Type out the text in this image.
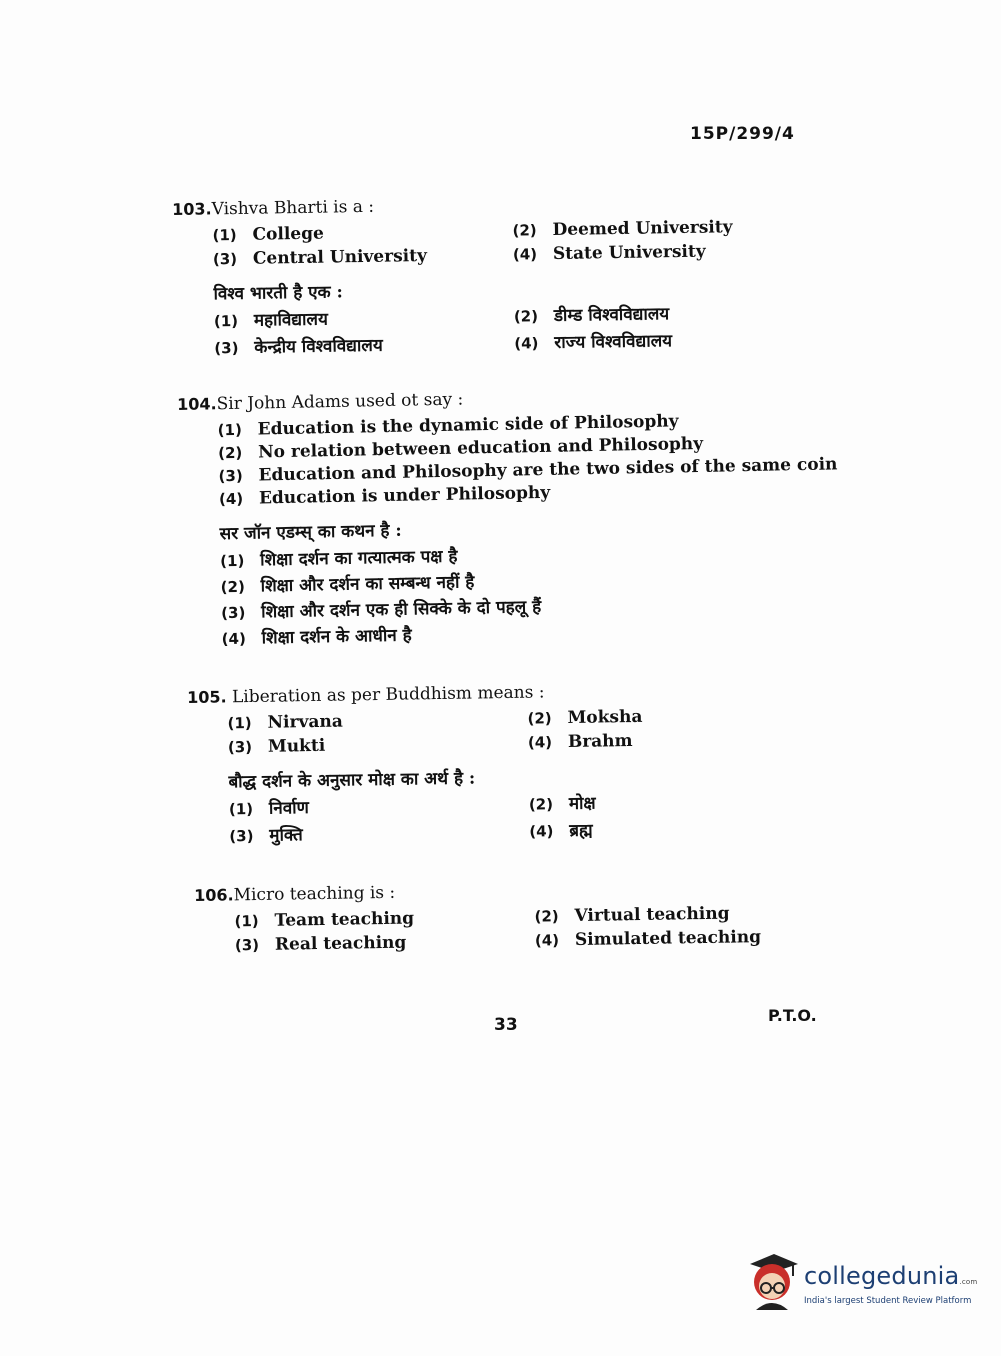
15P/299/4
103.Vishva Bharti is a :
(1) College	(2) Deemed University
(3) Central University	(4) State University
विश्व भारती है एक :
(1) महाविद्यालय	(2) डीम्ड विश्वविद्यालय
(3) केन्द्रीय विश्वविद्यालय	(4) राज्य विश्वविद्यालय
104.Sir John Adams used ot say :
(1) Education is the dynamic side of Philosophy
(2) No relation between education and Philosophy
(3) Education and Philosophy are the two sides of the same coin
(4) Education is under Philosophy
सर जॉन एडम्स् का कथन है :
(1) शिक्षा दर्शन का गत्यात्मक पक्ष है
(2) शिक्षा और दर्शन का सम्बन्ध नहीं है
(3) शिक्षा और दर्शन एक ही सिक्के के दो पहलू हैं
(4) शिक्षा दर्शन के आधीन है
105. Liberation as per Buddhism means :
(1) Nirvana	(2) Moksha
(3) Mukti	(4) Brahm
बौद्ध दर्शन के अनुसार मोक्ष का अर्थ है :
(1) निर्वाण	(2) मोक्ष
(3) मुक्ति	(4) ब्रह्म
106.Micro teaching is :
(1) Team teaching	(2) Virtual teaching
(3) Real teaching	(4) Simulated teaching
33	P.T.O.
collegedunia.com
India's largest Student Review Platform
